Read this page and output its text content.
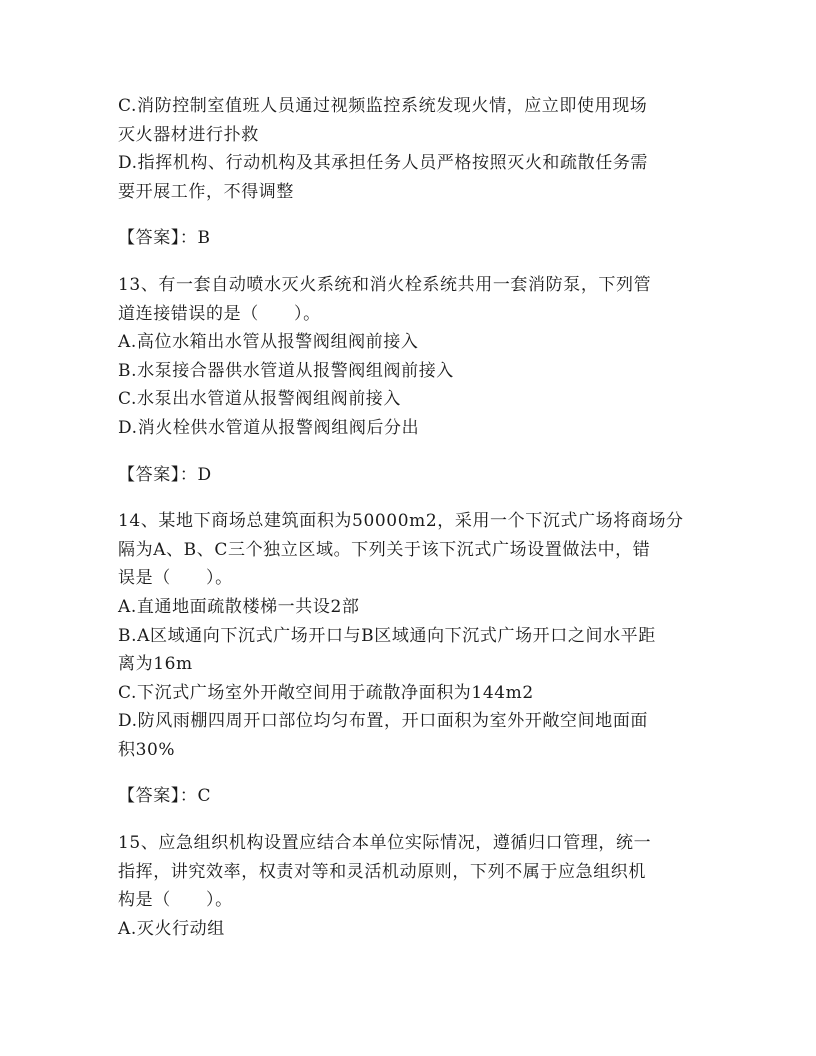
C.消防控制室值班人员通过视频监控系统发现火情，应立即使用现场
灭火器材进行扑救
D.指挥机构、行动机构及其承担任务人员严格按照灭火和疏散任务需
要开展工作，不得调整
【答案】：B
13、有一套自动喷水灭火系统和消火栓系统共用一套消防泵，下列管
道连接错误的是（　　）。
A.高位水箱出水管从报警阀组阀前接入
B.水泵接合器供水管道从报警阀组阀前接入
C.水泵出水管道从报警阀组阀前接入
D.消火栓供水管道从报警阀组阀后分出
【答案】：D
14、某地下商场总建筑面积为50000m2，采用一个下沉式广场将商场分
隔为A、B、C三个独立区域。下列关于该下沉式广场设置做法中，错
误是（　　）。
A.直通地面疏散楼梯一共设2部
B.A区域通向下沉式广场开口与B区域通向下沉式广场开口之间水平距
离为16m
C.下沉式广场室外开敞空间用于疏散净面积为144m2
D.防风雨棚四周开口部位均匀布置，开口面积为室外开敞空间地面面
积30%
【答案】：C
15、应急组织机构设置应结合本单位实际情况，遵循归口管理，统一
指挥，讲究效率，权责对等和灵活机动原则，下列不属于应急组织机
构是（　　）。
A.灭火行动组
